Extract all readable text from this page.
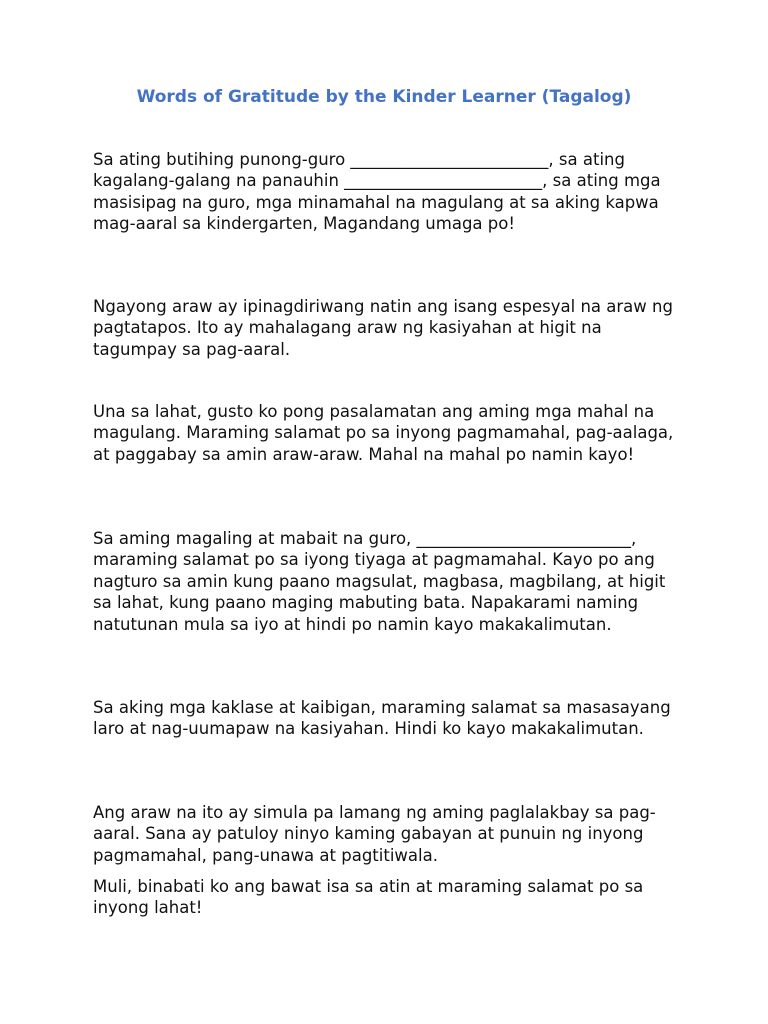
Words of Gratitude by the Kinder Learner (Tagalog)

Sa ating butihing punong-guro ________________________, sa ating kagalang-galang na panauhin ________________________, sa ating mga masisipag na guro, mga minamahal na magulang at sa aking kapwa mag-aaral sa kindergarten, Magandang umaga po!

Ngayong araw ay ipinagdiriwang natin ang isang espesyal na araw ng pagtatapos. Ito ay mahalagang araw ng kasiyahan at higit na tagumpay sa pag-aaral.

Una sa lahat, gusto ko pong pasalamatan ang aming mga mahal na magulang. Maraming salamat po sa inyong pagmamahal, pag-aalaga, at paggabay sa amin araw-araw. Mahal na mahal po namin kayo!

Sa aming magaling at mabait na guro, __________________________, maraming salamat po sa iyong tiyaga at pagmamahal. Kayo po ang nagturo sa amin kung paano magsulat, magbasa, magbilang, at higit sa lahat, kung paano maging mabuting bata. Napakarami naming natutunan mula sa iyo at hindi po namin kayo makakalimutan.

Sa aking mga kaklase at kaibigan, maraming salamat sa masasayang laro at nag-uumapaw na kasiyahan. Hindi ko kayo makakalimutan.

Ang araw na ito ay simula pa lamang ng aming paglalakbay sa pag-aaral. Sana ay patuloy ninyo kaming gabayan at punuin ng inyong pagmamahal, pang-unawa at pagtitiwala.

Muli, binabati ko ang bawat isa sa atin at maraming salamat po sa inyong lahat!
